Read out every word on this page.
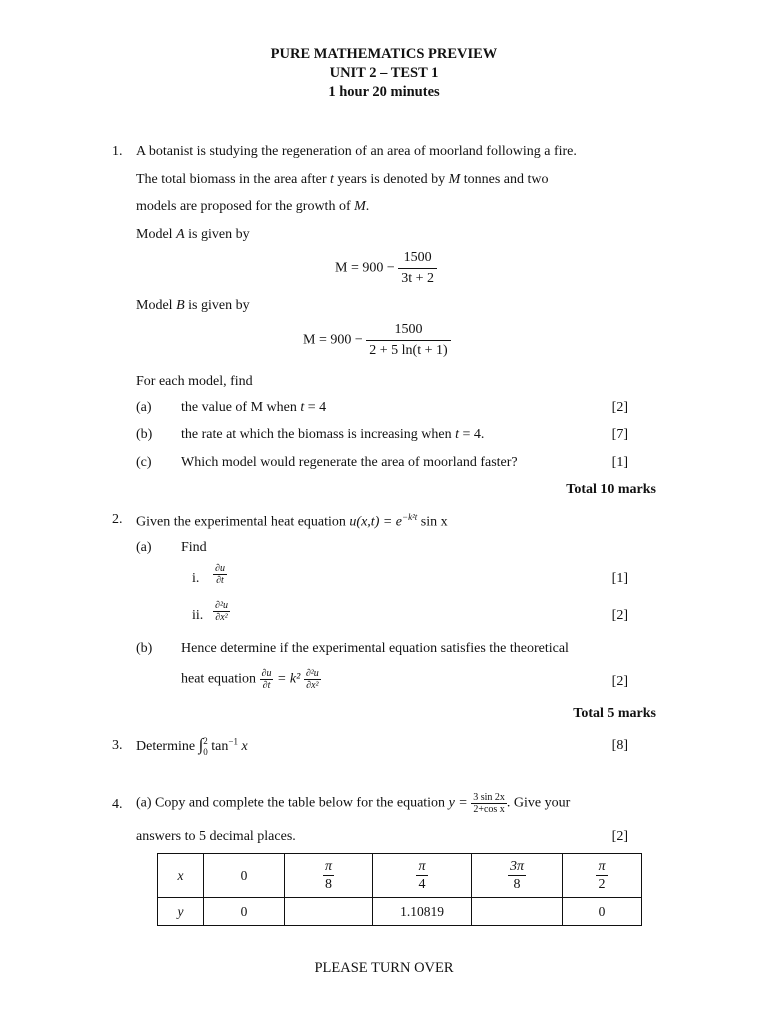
PURE MATHEMATICS PREVIEW
UNIT 2 – TEST 1
1 hour 20 minutes
1. A botanist is studying the regeneration of an area of moorland following a fire.
The total biomass in the area after t years is denoted by M tonnes and two
models are proposed for the growth of M.
Model A is given by
$M = 900 - \frac{1500}{3t + 2}$
Model B is given by
$M = 900 - \frac{1500}{2 + 5 \ln(t + 1)}$
For each model, find
(a) the value of M when t = 4	[2]
(b) the rate at which the biomass is increasing when t = 4.	[7]
(c) Which model would regenerate the area of moorland faster?	[1]
Total 10 marks
2. Given the experimental heat equation $u(x,t) = e^{-k^2t}$ sin x
(a) Find
i. $\frac{\partial u}{\partial t}$	[1]
ii. $\frac{\text{∂²u}}{\text{∂x²}}$	[2]
(b) Hence determine if the experimental equation satisfies the theoretical
heat equation $\frac{\partial u}{\partial t} = k^2 \frac{\text{∂²u}}{\text{∂x²}}$	[2]
Total 5 marks
3. Determine ∫ 2
0 $\tan^{-1} x$	[8]
4. (a) Copy and complete the table below for the equation $y = \frac{3 \sin 2x}{\text{2+cos x}}$ . Give your
answers to 5 decimal places.	[2]
x	0	$\frac{\pi}{8}$	$\frac{\pi}{4}$	$\frac{3\pi}{8}$	$\frac{\pi}{2}$

y	0		1.10819		0
PLEASE TURN OVER
